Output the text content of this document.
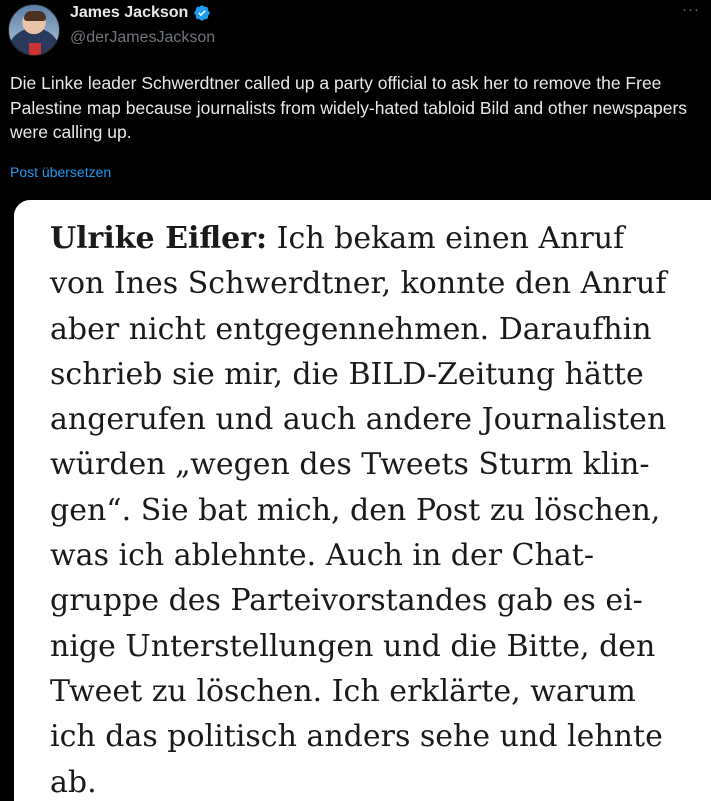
James Jackson
@derJamesJackson
···
Die Linke leader Schwerdtner called up a party official to ask her to remove the Free Palestine map because journalists from widely-hated tabloid Bild and other newspapers were calling up.
Post übersetzen
Ulrike Eifler: Ich bekam einen Anruf
von Ines Schwerdtner, konnte den Anruf
aber nicht entgegennehmen. Daraufhin
schrieb sie mir, die BILD-Zeitung hätte
angerufen und auch andere Journalisten
würden „wegen des Tweets Sturm klin-
gen“. Sie bat mich, den Post zu löschen,
was ich ablehnte. Auch in der Chat-
gruppe des Parteivorstandes gab es ei-
nige Unterstellungen und die Bitte, den
Tweet zu löschen. Ich erklärte, warum
ich das politisch anders sehe und lehnte
ab.
